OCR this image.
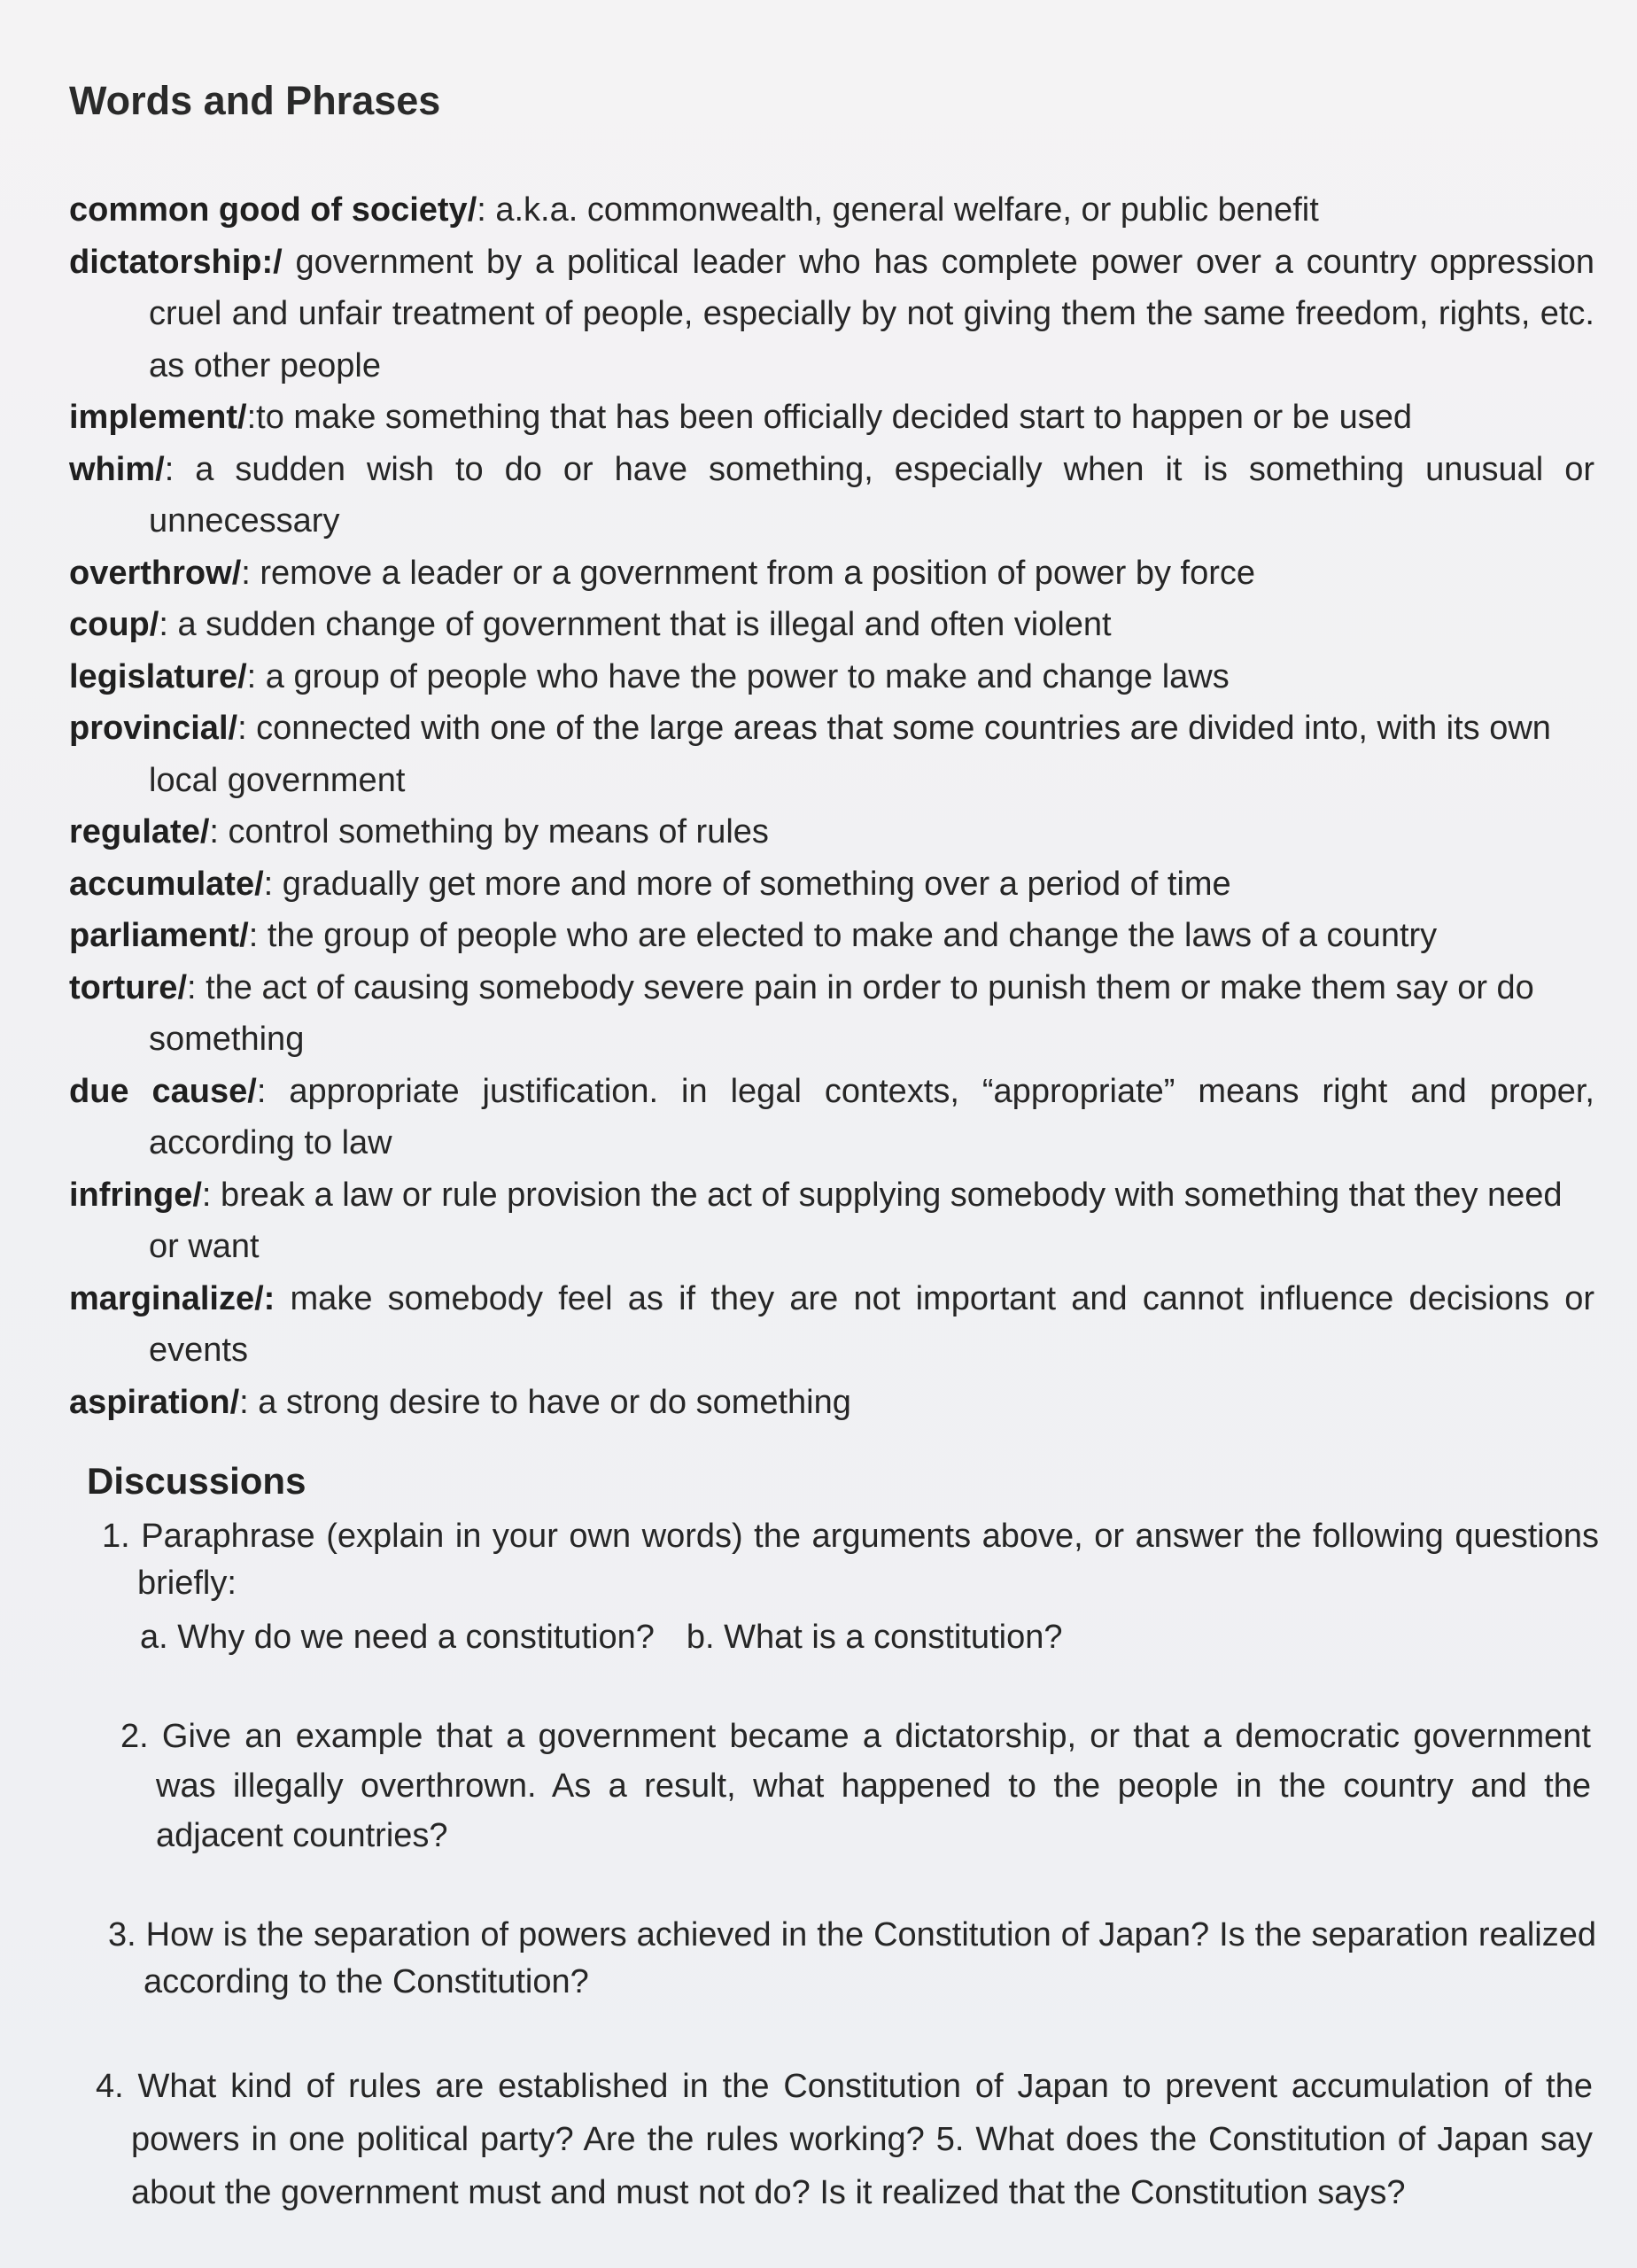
Words and Phrases

common good of society/: a.k.a. commonwealth, general welfare, or public benefit

dictatorship:/ government by a political leader who has complete power over a country oppression cruel and unfair treatment of people, especially by not giving them the same freedom, rights, etc. as other people

implement/:to make something that has been officially decided start to happen or be used

whim/: a sudden wish to do or have something, especially when it is something unusual or unnecessary

overthrow/: remove a leader or a government from a position of power by force

coup/: a sudden change of government that is illegal and often violent

legislature/: a group of people who have the power to make and change laws

provincial/: connected with one of the large areas that some countries are divided into, with its own local government

regulate/: control something by means of rules

accumulate/: gradually get more and more of something over a period of time

parliament/: the group of people who are elected to make and change the laws of a country

torture/: the act of causing somebody severe pain in order to punish them or make them say or do something

due cause/: appropriate justification. in legal contexts, “appropriate” means right and proper, according to law

infringe/: break a law or rule provision the act of supplying somebody with something that they need or want

marginalize/: make somebody feel as if they are not important and cannot influence decisions or events

aspiration/: a strong desire to have or do something

Discussions

1. Paraphrase (explain in your own words) the arguments above, or answer the following questions briefly:

a. Why do we need a constitution? b. What is a constitution?

2. Give an example that a government became a dictatorship, or that a democratic government was illegally overthrown. As a result, what happened to the people in the country and the adjacent countries?

3. How is the separation of powers achieved in the Constitution of Japan? Is the separation realized according to the Constitution?

4. What kind of rules are established in the Constitution of Japan to prevent accumulation of the powers in one political party? Are the rules working? 5. What does the Constitution of Japan say about the government must and must not do? Is it realized that the Constitution says?
